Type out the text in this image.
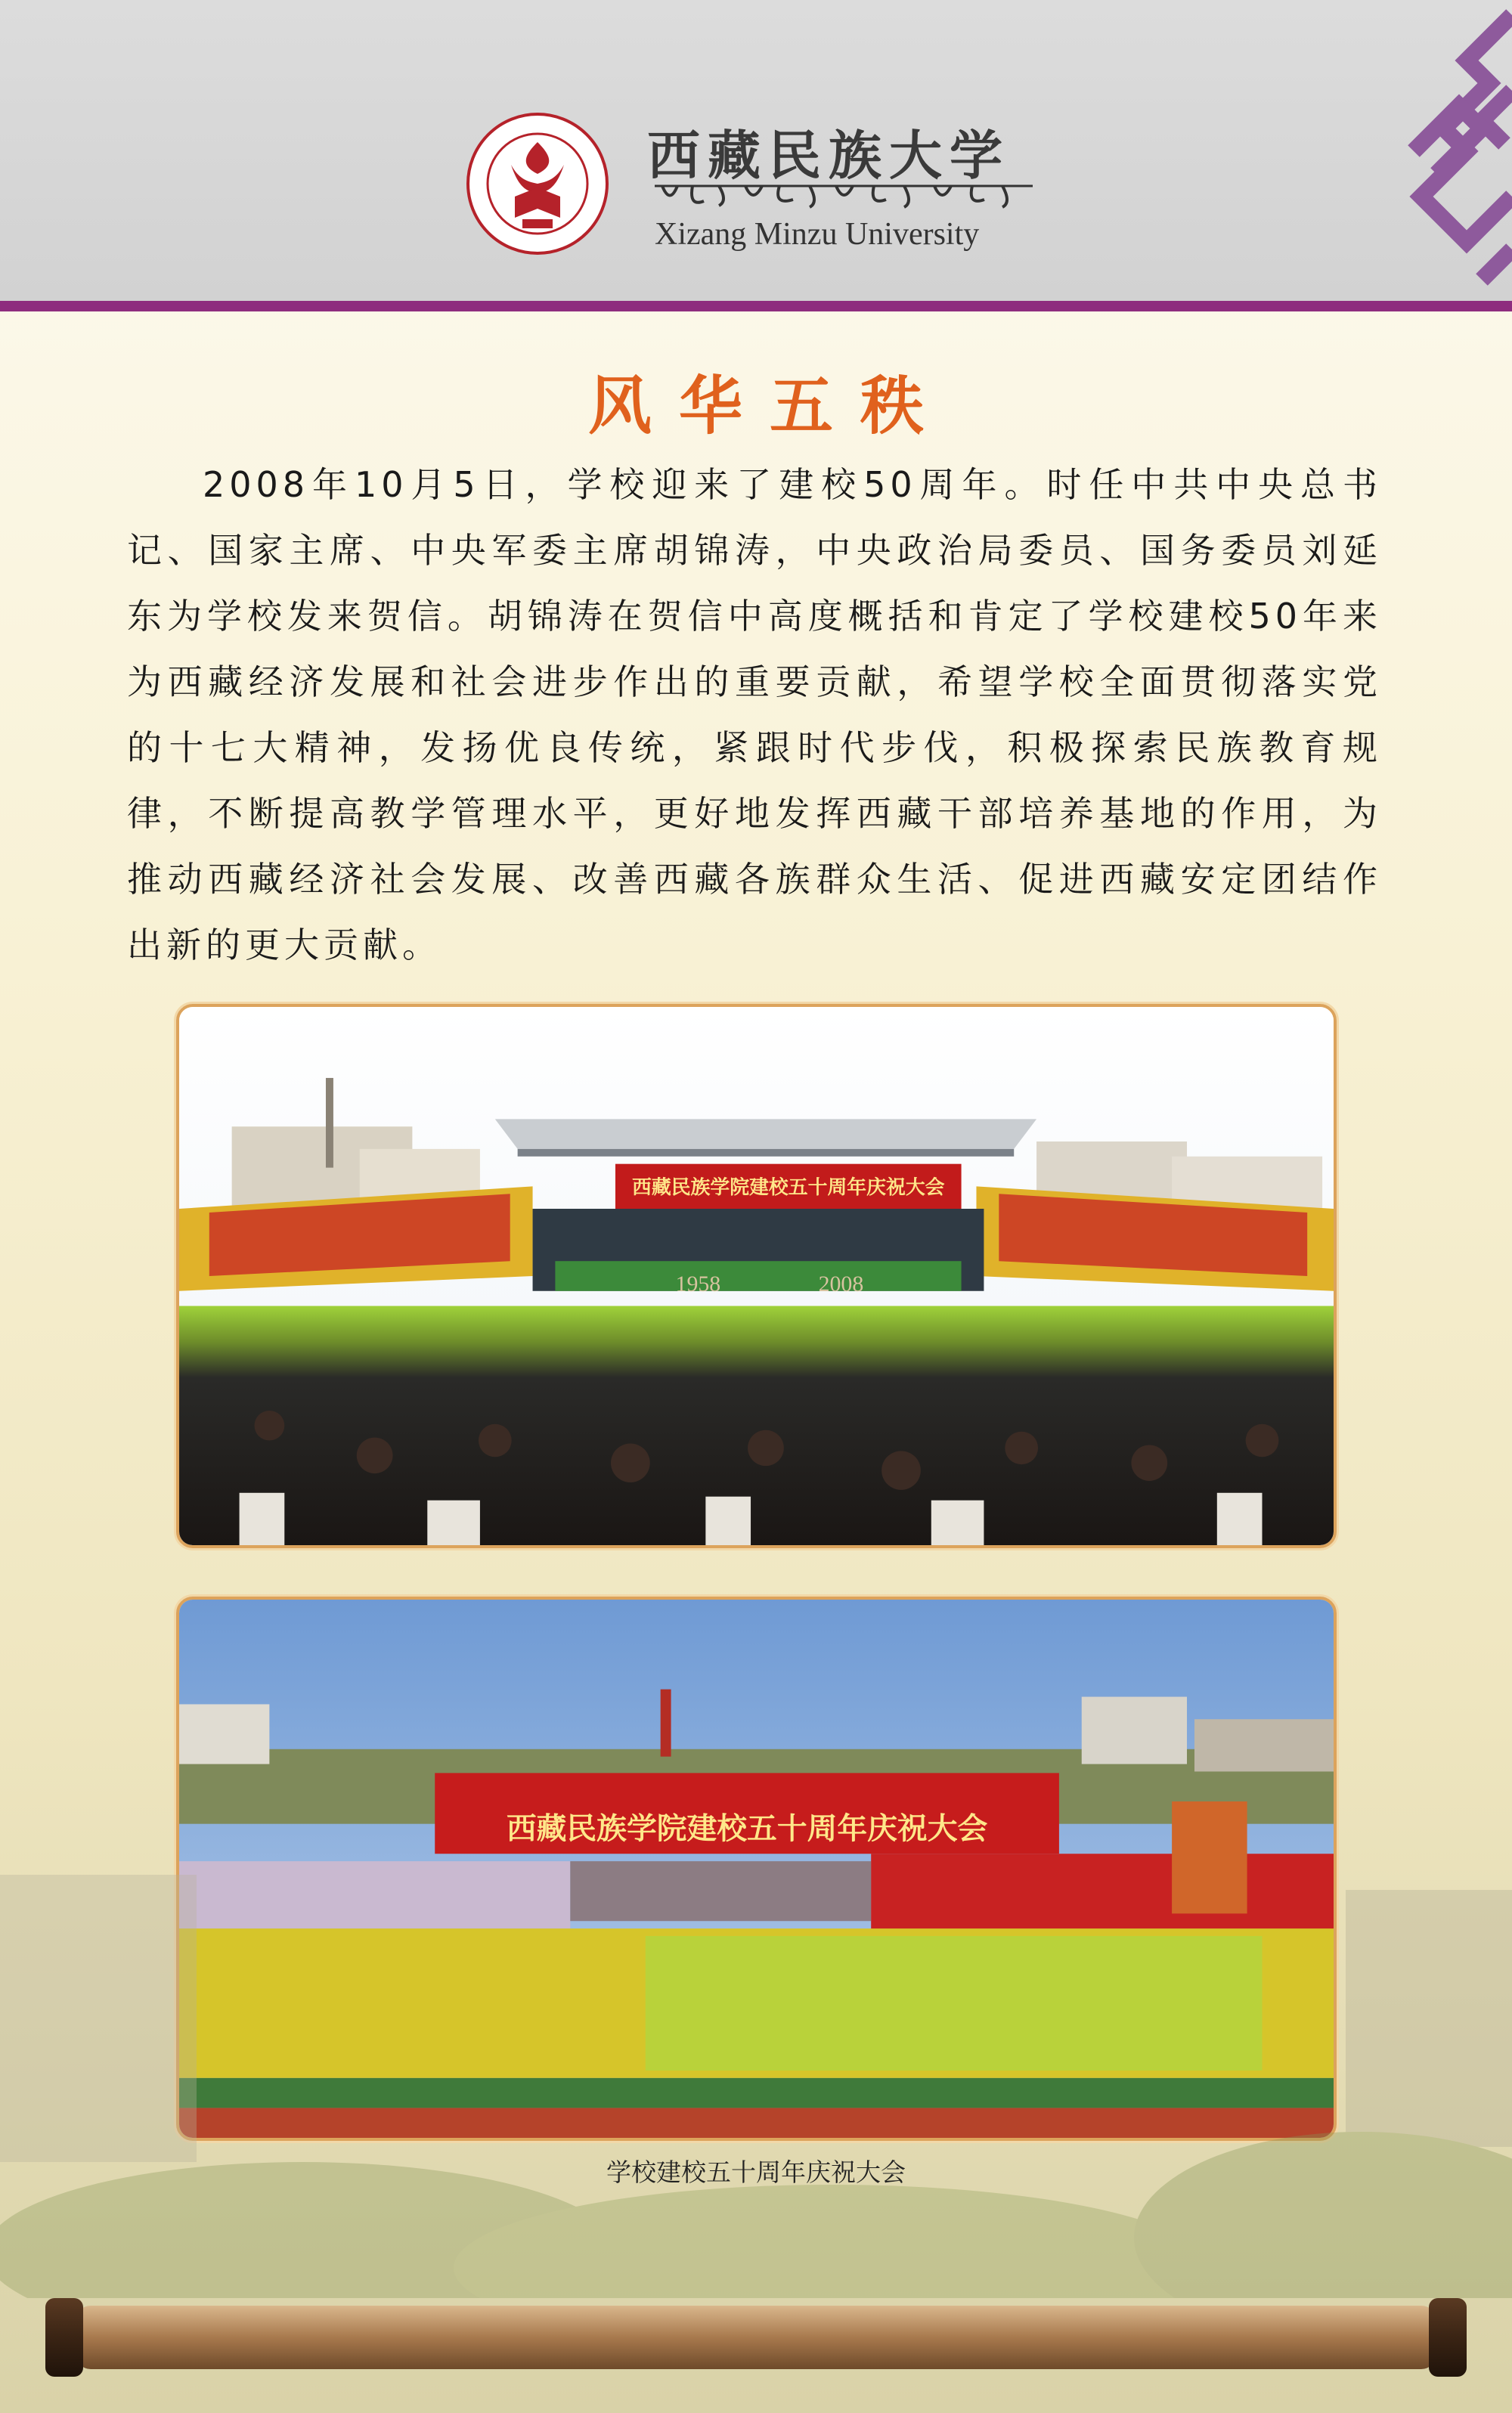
西藏民族大学
Xizang Minzu University
风华五秩
2008年10月5日，学校迎来了建校50周年。时任中共中央总书记、国家主席、中央军委主席胡锦涛，中央政治局委员、国务委员刘延东为学校发来贺信。胡锦涛在贺信中高度概括和肯定了学校建校50年来为西藏经济发展和社会进步作出的重要贡献，希望学校全面贯彻落实党的十七大精神，发扬优良传统，紧跟时代步伐，积极探索民族教育规律，不断提高教学管理水平，更好地发挥西藏干部培养基地的作用，为推动西藏经济社会发展、改善西藏各族群众生活、促进西藏安定团结作出新的更大贡献。
西藏民族学院建校五十周年庆祝大会
1958	2008
西藏民族学院建校五十周年庆祝大会
学校建校五十周年庆祝大会
